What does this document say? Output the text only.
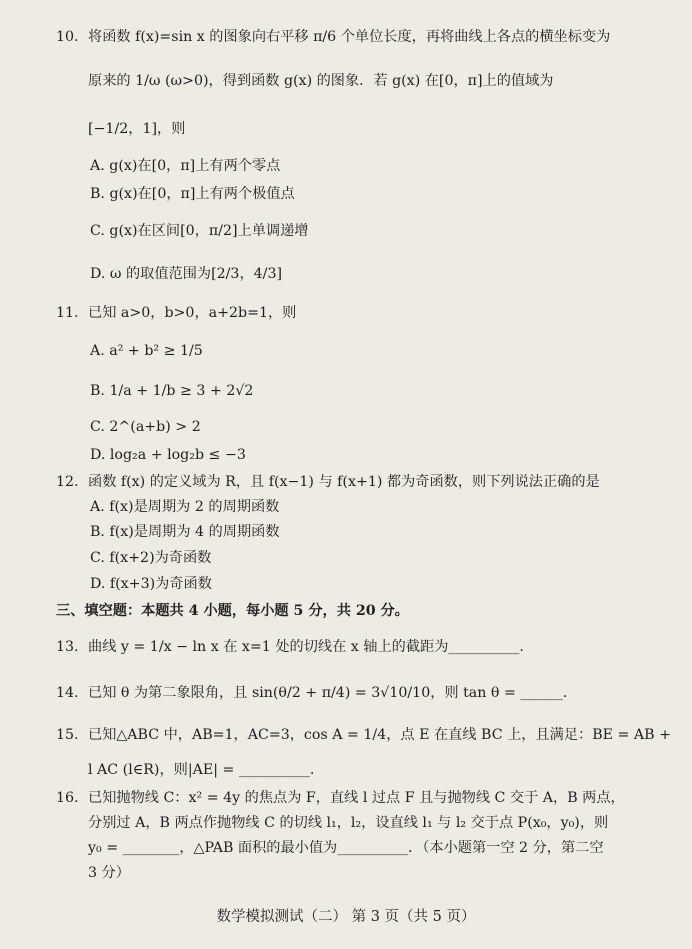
10. 将函数 f(x)=sin x 的图象向右平移 π/6 个单位长度，再将曲线上各点的横坐标变为
原来的 1/ω (ω>0)，得到函数 g(x) 的图象．若 g(x) 在[0，π]上的值域为
[−1/2，1]，则
A. g(x)在[0，π]上有两个零点
B. g(x)在[0，π]上有两个极值点
C. g(x)在区间[0，π/2]上单调递增
D. ω 的取值范围为[2/3，4/3]
11. 已知 a>0，b>0，a+2b=1，则
A. a² + b² ≥ 1/5
B. 1/a + 1/b ≥ 3 + 2√2
C. 2^(a+b) > 2
D. log₂a + log₂b ≤ −3
12. 函数 f(x) 的定义域为 R，且 f(x−1) 与 f(x+1) 都为奇函数，则下列说法正确的是
A. f(x)是周期为 2 的周期函数
B. f(x)是周期为 4 的周期函数
C. f(x+2)为奇函数
D. f(x+3)为奇函数
三、填空题：本题共 4 小题，每小题 5 分，共 20 分。
13. 曲线 y = 1/x − ln x 在 x=1 处的切线在 x 轴上的截距为__________.
14. 已知 θ 为第二象限角，且 sin(θ/2 + π/4) = 3√10/10，则 tan θ = ______.
15. 已知△ABC 中，AB=1，AC=3，cos A = 1/4，点 E 在直线 BC 上，且满足：BE = AB +
l AC (l∈R)，则|AE| = __________.
16. 已知抛物线 C：x² = 4y 的焦点为 F，直线 l 过点 F 且与抛物线 C 交于 A，B 两点，
分别过 A，B 两点作抛物线 C 的切线 l₁，l₂，设直线 l₁ 与 l₂ 交于点 P(x₀，y₀)，则
y₀ = ________，△PAB 面积的最小值为__________．（本小题第一空 2 分，第二空
3 分）
数学模拟测试（二） 第 3 页（共 5 页）
